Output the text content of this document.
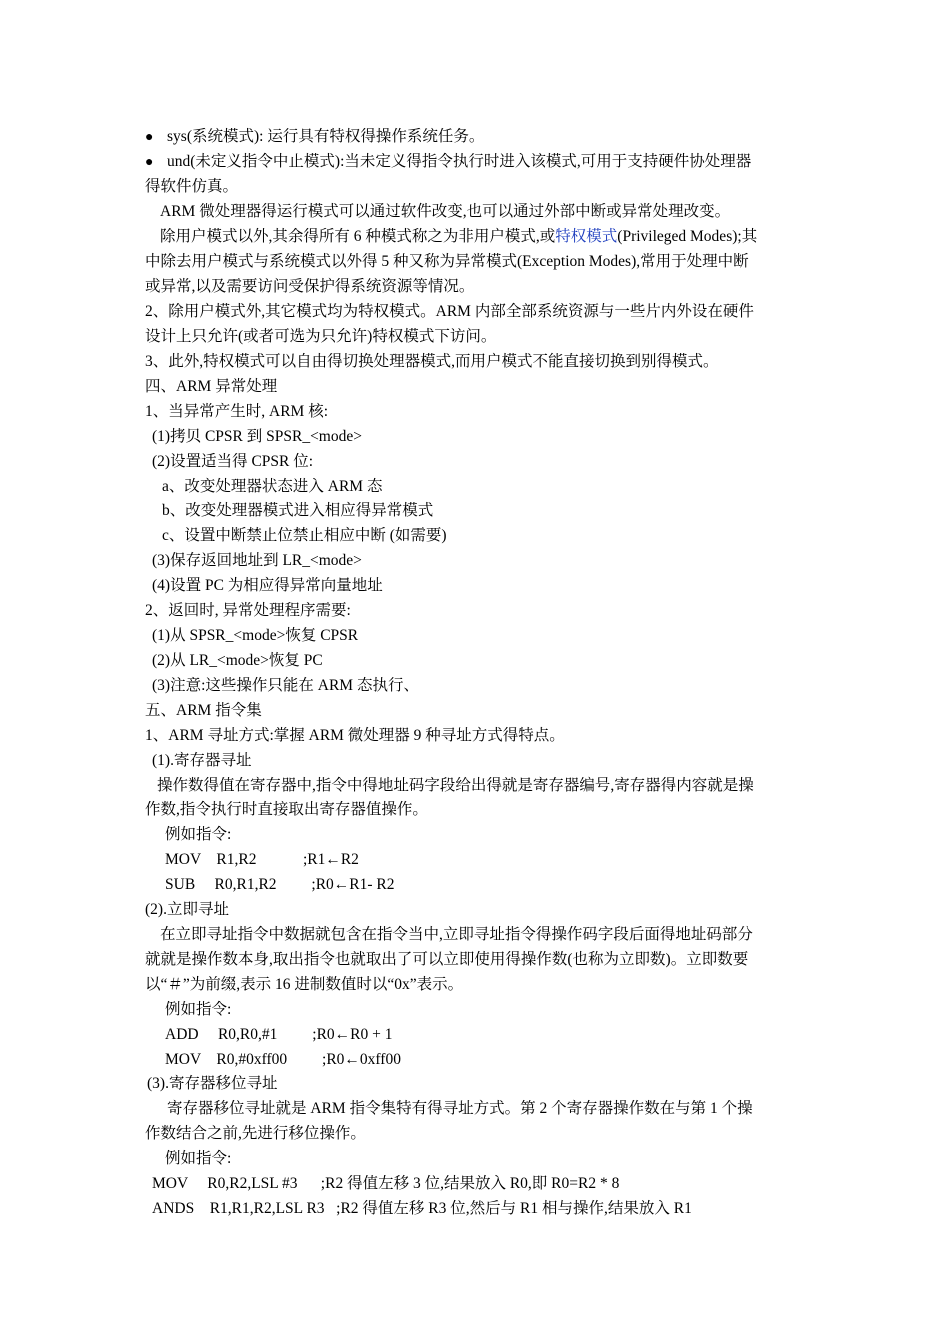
● sys(系统模式): 运行具有特权得操作系统任务。

● und(未定义指令中止模式):当未定义得指令执行时进入该模式,可用于支持硬件协处理器

得软件仿真。

ARM 微处理器得运行模式可以通过软件改变,也可以通过外部中断或异常处理改变。

除用户模式以外,其余得所有 6 种模式称之为非用户模式,或特权模式(Privileged Modes);其

中除去用户模式与系统模式以外得 5 种又称为异常模式(Exception Modes),常用于处理中断

或异常,以及需要访问受保护得系统资源等情况。

2、除用户模式外,其它模式均为特权模式。ARM 内部全部系统资源与一些片内外设在硬件

设计上只允许(或者可选为只允许)特权模式下访问。

3、此外,特权模式可以自由得切换处理器模式,而用户模式不能直接切换到别得模式。

四、ARM 异常处理

1、当异常产生时, ARM 核:

(1)拷贝 CPSR 到 SPSR_<mode>

(2)设置适当得 CPSR 位:

a、改变处理器状态进入 ARM 态

b、改变处理器模式进入相应得异常模式

c、设置中断禁止位禁止相应中断 (如需要)

(3)保存返回地址到 LR_<mode>

(4)设置 PC 为相应得异常向量地址

2、返回时, 异常处理程序需要:

(1)从 SPSR_<mode>恢复 CPSR

(2)从 LR_<mode>恢复 PC

(3)注意:这些操作只能在 ARM 态执行、

五、ARM 指令集

1、ARM 寻址方式:掌握 ARM 微处理器 9 种寻址方式得特点。

(1).寄存器寻址

操作数得值在寄存器中,指令中得地址码字段给出得就是寄存器编号,寄存器得内容就是操

作数,指令执行时直接取出寄存器值操作。

例如指令:

MOV    R1,R2            ;R1←R2

SUB     R0,R1,R2         ;R0←R1- R2

(2).立即寻址

在立即寻址指令中数据就包含在指令当中,立即寻址指令得操作码字段后面得地址码部分

就就是操作数本身,取出指令也就取出了可以立即使用得操作数(也称为立即数)。立即数要

以“＃”为前缀,表示 16 进制数值时以“0x”表示。

例如指令:

ADD     R0,R0,#1         ;R0←R0 + 1

MOV    R0,#0xff00         ;R0←0xff00

(3).寄存器移位寻址

寄存器移位寻址就是 ARM 指令集特有得寻址方式。第 2 个寄存器操作数在与第 1 个操

作数结合之前,先进行移位操作。

例如指令:

MOV     R0,R2,LSL #3      ;R2 得值左移 3 位,结果放入 R0,即 R0=R2 * 8

ANDS    R1,R1,R2,LSL R3   ;R2 得值左移 R3 位,然后与 R1 相与操作,结果放入 R1
